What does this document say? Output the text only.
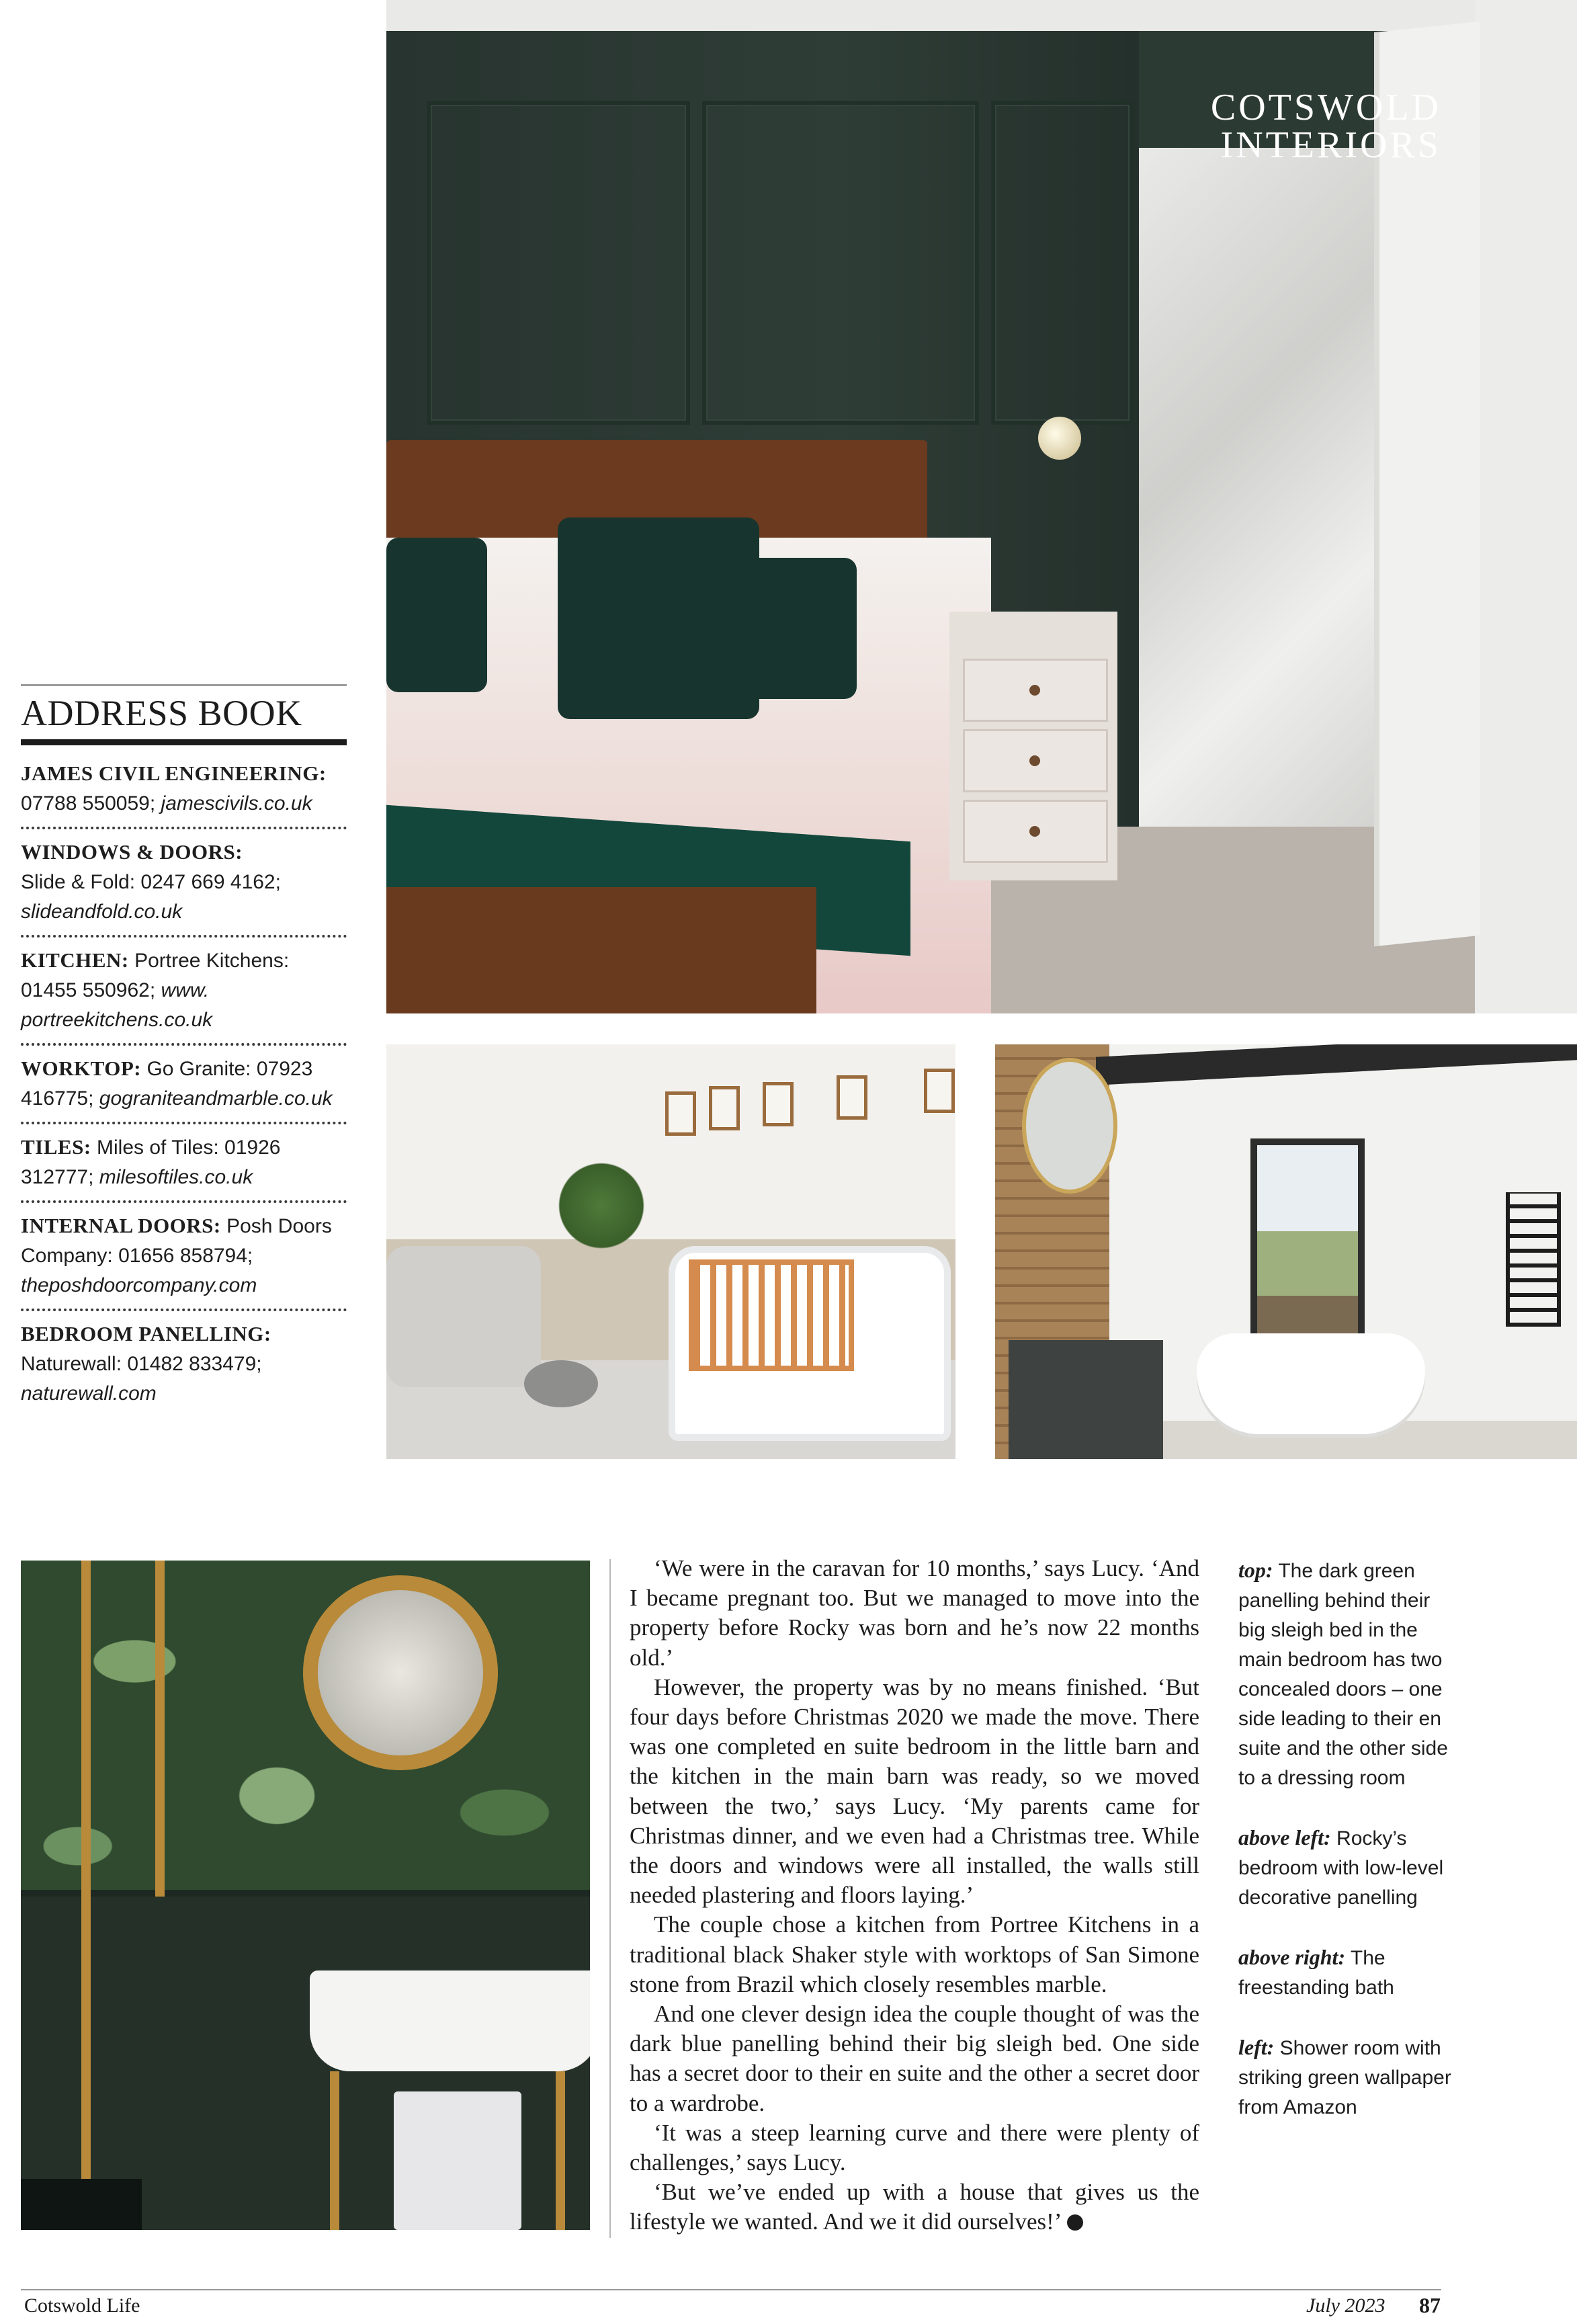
COTSWOLD INTERIORS
ADDRESS BOOK
JAMES CIVIL ENGINEERING:
07788 550059; jamescivils.co.uk
WINDOWS & DOORS:
Slide & Fold: 0247 669 4162; slideandfold.co.uk
KITCHEN: Portree Kitchens: 01455 550962; www. portreekitchens.co.uk
WORKTOP: Go Granite: 07923 416775; gograniteandmarble.co.uk
TILES: Miles of Tiles: 01926 312777; milesoftiles.co.uk
INTERNAL DOORS: Posh Doors Company: 01656 858794; theposhdoorcompany.com
BEDROOM PANELLING: Naturewall: 01482 833479; naturewall.com

‘We were in the caravan for 10 months,’ says Lucy. ‘And I became pregnant too. But we managed to move into the property before Rocky was born and he’s now 22 months old.’

However, the property was by no means finished. ‘But four days before Christmas 2020 we made the move. There was one completed en suite bedroom in the little barn and the kitchen in the main barn was ready, so we moved between the two,’ says Lucy. ‘My parents came for Christmas dinner, and we even had a Christmas tree. While the doors and windows were all installed, the walls still needed plastering and floors laying.’

The couple chose a kitchen from Portree Kitchens in a traditional black Shaker style with worktops of San Simone stone from Brazil which closely resembles marble.

And one clever design idea the couple thought of was the dark blue panelling behind their big sleigh bed. One side has a secret door to their en suite and the other a secret door to a wardrobe.

‘It was a steep learning curve and there were plenty of challenges,’ says Lucy.

‘But we’ve ended up with a house that gives us the lifestyle we wanted. And we it did ourselves!’

top: The dark green panelling behind their big sleigh bed in the main bedroom has two concealed doors – one side leading to their en suite and the other side to a dressing room
above left: Rocky’s bedroom with low-level decorative panelling
above right: The freestanding bath
left: Shower room with striking green wallpaper from Amazon
Cotswold Life	July 2023 87
